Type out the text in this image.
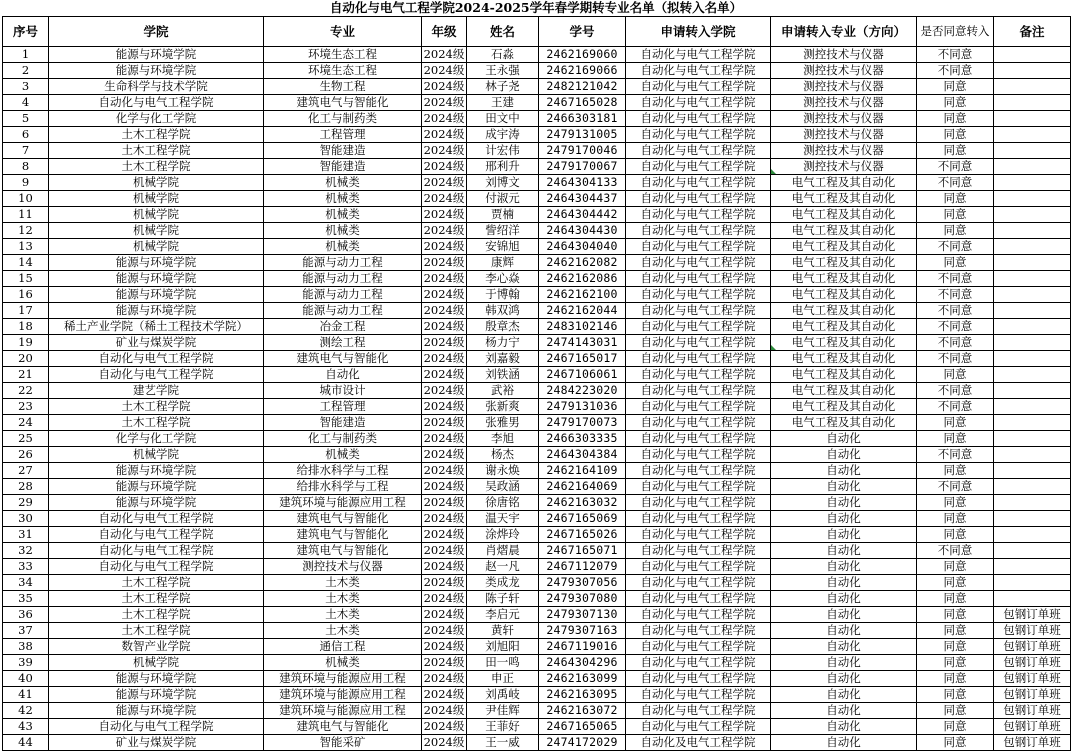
自动化与电气工程学院2024-2025学年春学期转专业名单（拟转入名单）
序号	学院	专业	年级	姓名	学号	申请转入学院	申请转入专业（方向）	是否同意转入	备注
1	能源与环境学院	环境生态工程	2024级	石淼	2462169060	自动化与电气工程学院	测控技术与仪器	不同意	
2	能源与环境学院	环境生态工程	2024级	王永强	2462169066	自动化与电气工程学院	测控技术与仪器	不同意	
3	生命科学与技术学院	生物工程	2024级	林子尧	2482121042	自动化与电气工程学院	测控技术与仪器	同意	
4	自动化与电气工程学院	建筑电气与智能化	2024级	王建	2467165028	自动化与电气工程学院	测控技术与仪器	同意	
5	化学与化工学院	化工与制药类	2024级	田文中	2466303181	自动化与电气工程学院	测控技术与仪器	同意	
6	土木工程学院	工程管理	2024级	成宇涛	2479131005	自动化与电气工程学院	测控技术与仪器	同意	
7	土木工程学院	智能建造	2024级	计宏伟	2479170046	自动化与电气工程学院	测控技术与仪器	同意	
8	土木工程学院	智能建造	2024级	邢利升	2479170067	自动化与电气工程学院	测控技术与仪器	不同意	
9	机械学院	机械类	2024级	刘博文	2464304133	自动化与电气工程学院	电气工程及其自动化	不同意	
10	机械学院	机械类	2024级	付淑元	2464304437	自动化与电气工程学院	电气工程及其自动化	同意	
11	机械学院	机械类	2024级	贾楠	2464304442	自动化与电气工程学院	电气工程及其自动化	同意	
12	机械学院	机械类	2024级	訾绍洋	2464304430	自动化与电气工程学院	电气工程及其自动化	同意	
13	机械学院	机械类	2024级	安锦旭	2464304040	自动化与电气工程学院	电气工程及其自动化	不同意	
14	能源与环境学院	能源与动力工程	2024级	康辉	2462162082	自动化与电气工程学院	电气工程及其自动化	同意	
15	能源与环境学院	能源与动力工程	2024级	李心焱	2462162086	自动化与电气工程学院	电气工程及其自动化	不同意	
16	能源与环境学院	能源与动力工程	2024级	于博翰	2462162100	自动化与电气工程学院	电气工程及其自动化	不同意	
17	能源与环境学院	能源与动力工程	2024级	韩双鸿	2462162044	自动化与电气工程学院	电气工程及其自动化	不同意	
18	稀土产业学院（稀土工程技术学院）	冶金工程	2024级	殷章杰	2483102146	自动化与电气工程学院	电气工程及其自动化	不同意	
19	矿业与煤炭学院	测绘工程	2024级	杨力宁	2474143031	自动化与电气工程学院	电气工程及其自动化	不同意	
20	自动化与电气工程学院	建筑电气与智能化	2024级	刘嘉毅	2467165017	自动化与电气工程学院	电气工程及其自动化	不同意	
21	自动化与电气工程学院	自动化	2024级	刘铁涵	2467106061	自动化与电气工程学院	电气工程及其自动化	同意	
22	建艺学院	城市设计	2024级	武裕	2484223020	自动化与电气工程学院	电气工程及其自动化	不同意	
23	土木工程学院	工程管理	2024级	张新爽	2479131036	自动化与电气工程学院	电气工程及其自动化	不同意	
24	土木工程学院	智能建造	2024级	张雅男	2479170073	自动化与电气工程学院	电气工程及其自动化	同意	
25	化学与化工学院	化工与制药类	2024级	李旭	2466303335	自动化与电气工程学院	自动化	同意	
26	机械学院	机械类	2024级	杨杰	2464304384	自动化与电气工程学院	自动化	不同意	
27	能源与环境学院	给排水科学与工程	2024级	谢永焕	2462164109	自动化与电气工程学院	自动化	同意	
28	能源与环境学院	给排水科学与工程	2024级	吴政涵	2462164069	自动化与电气工程学院	自动化	不同意	
29	能源与环境学院	建筑环境与能源应用工程	2024级	徐唐铭	2462163032	自动化与电气工程学院	自动化	同意	
30	自动化与电气工程学院	建筑电气与智能化	2024级	温天宇	2467165069	自动化与电气工程学院	自动化	同意	
31	自动化与电气工程学院	建筑电气与智能化	2024级	涂烨玲	2467165026	自动化与电气工程学院	自动化	同意	
32	自动化与电气工程学院	建筑电气与智能化	2024级	肖熠晨	2467165071	自动化与电气工程学院	自动化	不同意	
33	自动化与电气工程学院	测控技术与仪器	2024级	赵一凡	2467112079	自动化与电气工程学院	自动化	同意	
34	土木工程学院	土木类	2024级	类成龙	2479307056	自动化与电气工程学院	自动化	同意	
35	土木工程学院	土木类	2024级	陈子轩	2479307080	自动化与电气工程学院	自动化	同意	
36	土木工程学院	土木类	2024级	李启元	2479307130	自动化与电气工程学院	自动化	同意	包钢订单班
37	土木工程学院	土木类	2024级	黄轩	2479307163	自动化与电气工程学院	自动化	同意	包钢订单班
38	数智产业学院	通信工程	2024级	刘旭阳	2467119016	自动化与电气工程学院	自动化	同意	包钢订单班
39	机械学院	机械类	2024级	田一鸣	2464304296	自动化与电气工程学院	自动化	同意	包钢订单班
40	能源与环境学院	建筑环境与能源应用工程	2024级	申正	2462163099	自动化与电气工程学院	自动化	同意	包钢订单班
41	能源与环境学院	建筑环境与能源应用工程	2024级	刘禹岐	2462163095	自动化与电气工程学院	自动化	同意	包钢订单班
42	能源与环境学院	建筑环境与能源应用工程	2024级	尹佳辉	2462163072	自动化与电气工程学院	自动化	同意	包钢订单班
43	自动化与电气工程学院	建筑电气与智能化	2024级	王菲好	2467165065	自动化与电气工程学院	自动化	同意	包钢订单班
44	矿业与煤炭学院	智能采矿	2024级	王一威	2474172029	自动化及电气工程学院	自动化	同意	包钢订单班
